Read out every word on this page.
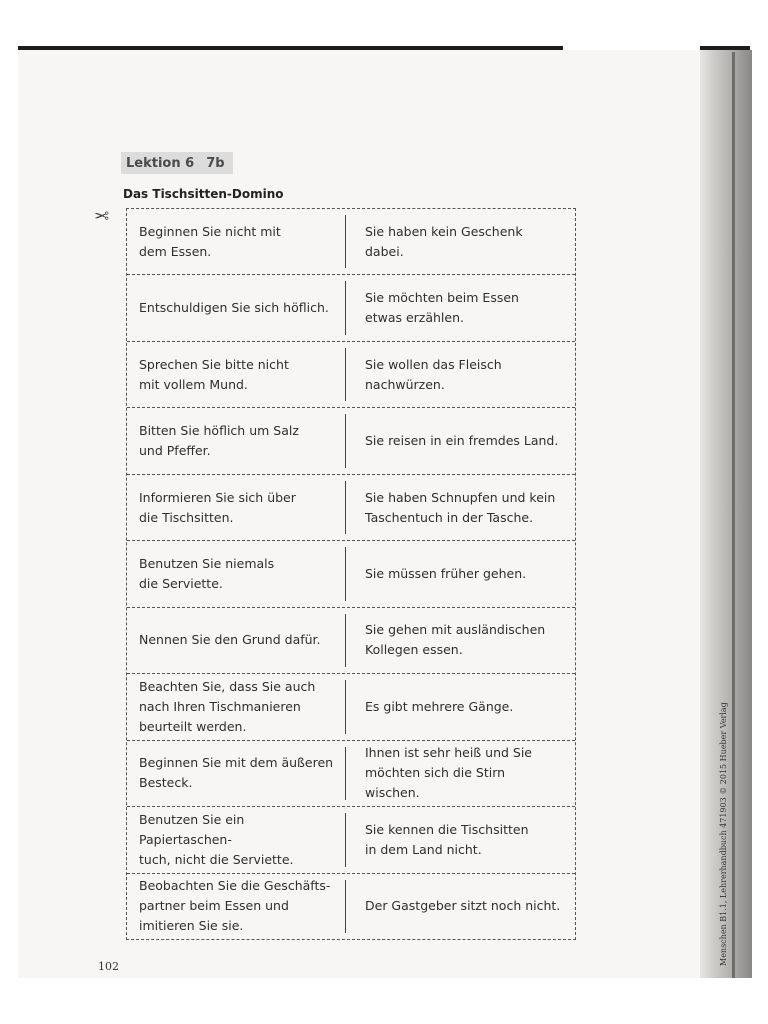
Lektion 6 7b
Das Tischsitten-Domino
✂
Beginnen Sie nicht mit
dem Essen.
Sie haben kein Geschenk dabei.
Entschuldigen Sie sich höflich.
Sie möchten beim Essen
etwas erzählen.
Sprechen Sie bitte nicht
mit vollem Mund.
Sie wollen das Fleisch
nachwürzen.
Bitten Sie höflich um Salz
und Pfeffer.
Sie reisen in ein fremdes Land.
Informieren Sie sich über
die Tischsitten.
Sie haben Schnupfen und kein
Taschentuch in der Tasche.
Benutzen Sie niemals
die Serviette.
Sie müssen früher gehen.
Nennen Sie den Grund dafür.
Sie gehen mit ausländischen
Kollegen essen.
Beachten Sie, dass Sie auch
nach Ihren Tischmanieren
beurteilt werden.
Es gibt mehrere Gänge.
Beginnen Sie mit dem äußeren
Besteck.
Ihnen ist sehr heiß und Sie
möchten sich die Stirn wischen.
Benutzen Sie ein Papiertaschen-
tuch, nicht die Serviette.
Sie kennen die Tischsitten
in dem Land nicht.
Beobachten Sie die Geschäfts-
partner beim Essen und
imitieren Sie sie.
Der Gastgeber sitzt noch nicht.
102
Menschen B1.1, Lehrerhandbuch 471903 © 2015 Hueber Verlag
